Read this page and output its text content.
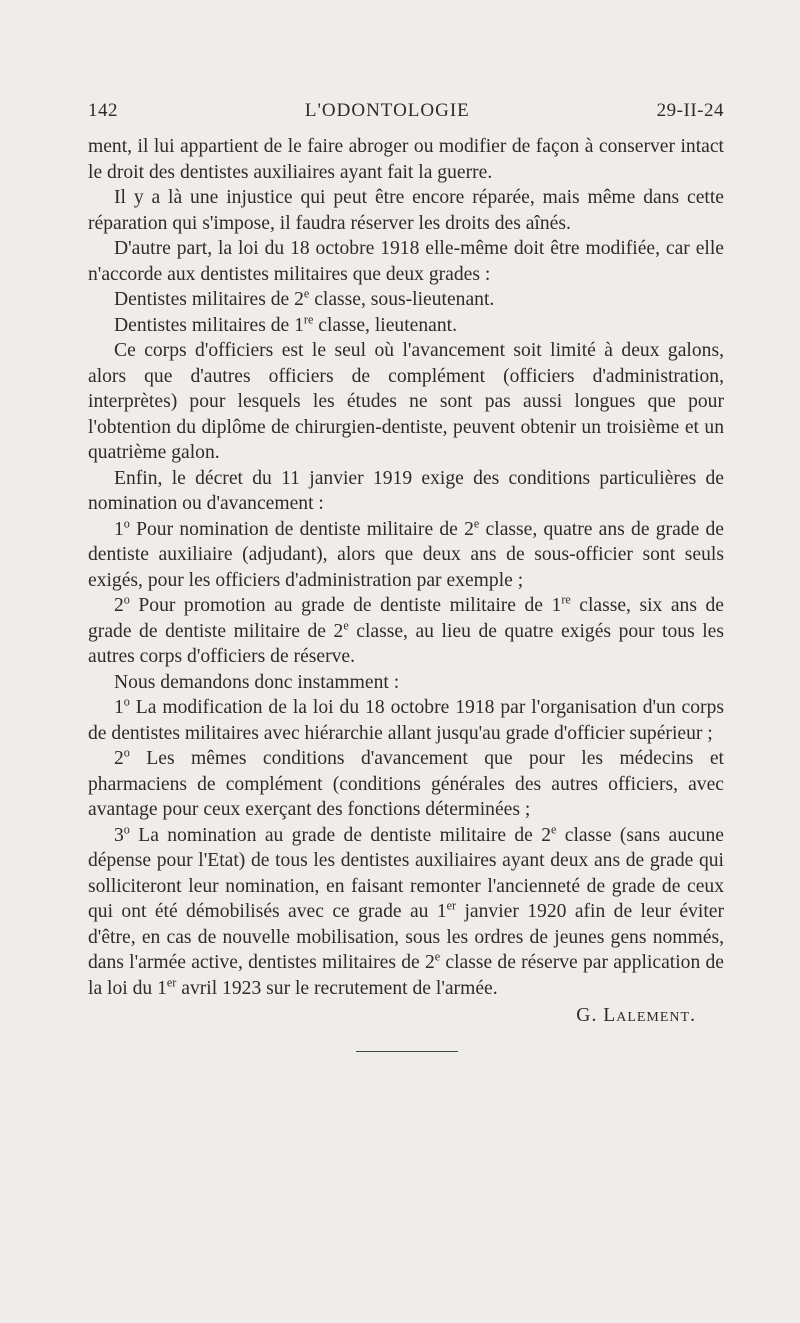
142	L'ODONTOLOGIE	29-II-24

ment, il lui appartient de le faire abroger ou modifier de façon à conserver intact le droit des dentistes auxiliaires ayant fait la guerre.

Il y a là une injustice qui peut être encore réparée, mais même dans cette réparation qui s'impose, il faudra réserver les droits des aînés.

D'autre part, la loi du 18 octobre 1918 elle-même doit être modifiée, car elle n'accorde aux dentistes militaires que deux grades :

Dentistes militaires de 2e classe, sous-lieutenant.

Dentistes militaires de 1re classe, lieutenant.

Ce corps d'officiers est le seul où l'avancement soit limité à deux galons, alors que d'autres officiers de complément (officiers d'administration, interprètes) pour lesquels les études ne sont pas aussi longues que pour l'obtention du diplôme de chirurgien-dentiste, peuvent obtenir un troisième et un quatrième galon.

Enfin, le décret du 11 janvier 1919 exige des conditions particulières de nomination ou d'avancement :

1$^o$ Pour nomination de dentiste militaire de 2e classe, quatre ans de grade de dentiste auxiliaire (adjudant), alors que deux ans de sous-officier sont seuls exigés, pour les officiers d'administration par exemple ;

2$^o$ Pour promotion au grade de dentiste militaire de 1re classe, six ans de grade de dentiste militaire de 2e classe, au lieu de quatre exigés pour tous les autres corps d'officiers de réserve.

Nous demandons donc instamment :

1$^o$ La modification de la loi du 18 octobre 1918 par l'organisation d'un corps de dentistes militaires avec hiérarchie allant jusqu'au grade d'officier supérieur ;

2$^o$ Les mêmes conditions d'avancement que pour les médecins et pharmaciens de complément (conditions générales des autres officiers, avec avantage pour ceux exerçant des fonctions déterminées ;

3$^o$ La nomination au grade de dentiste militaire de 2e classe (sans aucune dépense pour l'Etat) de tous les dentistes auxiliaires ayant deux ans de grade qui solliciteront leur nomination, en faisant remonter l'ancienneté de grade de ceux qui ont été démobilisés avec ce grade au 1er janvier 1920 afin de leur éviter d'être, en cas de nouvelle mobilisation, sous les ordres de jeunes gens nommés, dans l'armée active, dentistes militaires de 2e classe de réserve par application de la loi du 1er avril 1923 sur le recrutement de l'armée.

G. Lalement.
